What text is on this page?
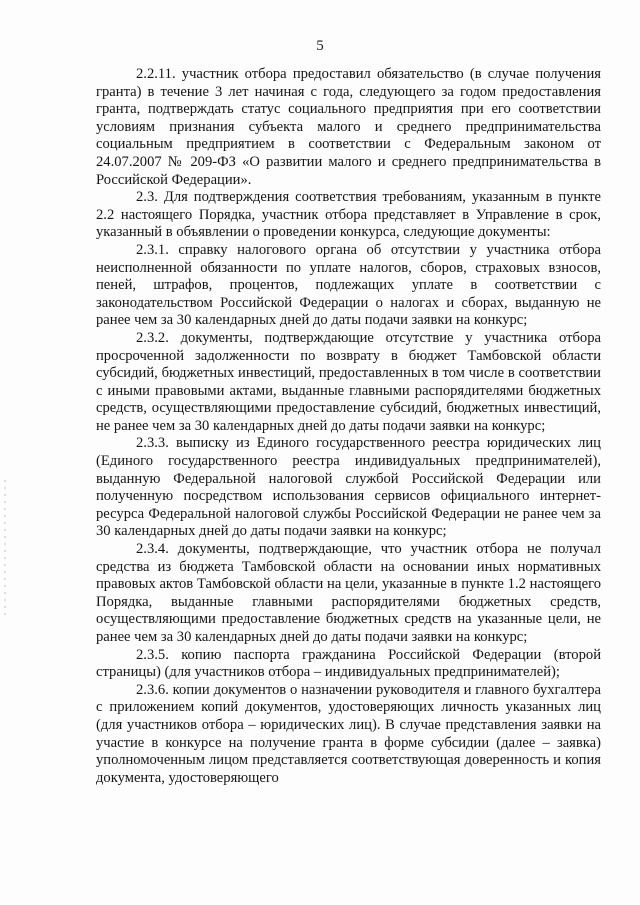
5

2.2.11. участник отбора предоставил обязательство (в случае получения гранта) в течение 3 лет начиная с года, следующего за годом предоставления гранта, подтверждать статус социального предприятия при его соответствии условиям признания субъекта малого и среднего предпринимательства социальным предприятием в соответствии с Федеральным законом от 24.07.2007 № 209-ФЗ «О развитии малого и среднего предпринимательства в Российской Федерации».

2.3. Для подтверждения соответствия требованиям, указанным в пункте 2.2 настоящего Порядка, участник отбора представляет в Управление в срок, указанный в объявлении о проведении конкурса, следующие документы:

2.3.1. справку налогового органа об отсутствии у участника отбора неисполненной обязанности по уплате налогов, сборов, страховых взносов, пеней, штрафов, процентов, подлежащих уплате в соответствии с законодательством Российской Федерации о налогах и сборах, выданную не ранее чем за 30 календарных дней до даты подачи заявки на конкурс;

2.3.2. документы, подтверждающие отсутствие у участника отбора просроченной задолженности по возврату в бюджет Тамбовской области субсидий, бюджетных инвестиций, предоставленных в том числе в соответствии с иными правовыми актами, выданные главными распорядителями бюджетных средств, осуществляющими предоставление субсидий, бюджетных инвестиций, не ранее чем за 30 календарных дней до даты подачи заявки на конкурс;

2.3.3. выписку из Единого государственного реестра юридических лиц (Единого государственного реестра индивидуальных предпринимателей), выданную Федеральной налоговой службой Российской Федерации или полученную посредством использования сервисов официального интернет-ресурса Федеральной налоговой службы Российской Федерации не ранее чем за 30 календарных дней до даты подачи заявки на конкурс;

2.3.4. документы, подтверждающие, что участник отбора не получал средства из бюджета Тамбовской области на основании иных нормативных правовых актов Тамбовской области на цели, указанные в пункте 1.2 настоящего Порядка, выданные главными распорядителями бюджетных средств, осуществляющими предоставление бюджетных средств на указанные цели, не ранее чем за 30 календарных дней до даты подачи заявки на конкурс;

2.3.5. копию паспорта гражданина Российской Федерации (второй страницы) (для участников отбора – индивидуальных предпринимателей);

2.3.6. копии документов о назначении руководителя и главного бухгалтера с приложением копий документов, удостоверяющих личность указанных лиц (для участников отбора – юридических лиц). В случае представления заявки на участие в конкурсе на получение гранта в форме субсидии (далее – заявка) уполномоченным лицом представляется соответствующая доверенность и копия документа, удостоверяющего
